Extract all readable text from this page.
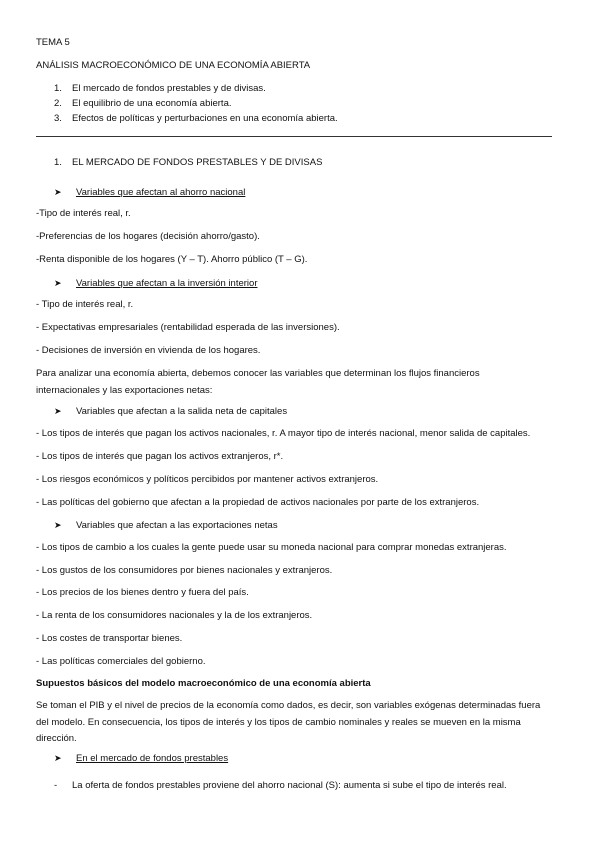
TEMA 5
ANÁLISIS MACROECONÓMICO DE UNA ECONOMÍA ABIERTA
1. El mercado de fondos prestables y de divisas.
2. El equilibrio de una economía abierta.
3. Efectos de políticas y perturbaciones en una economía abierta.
1. EL MERCADO DE FONDOS PRESTABLES Y DE DIVISAS
➤ Variables que afectan al ahorro nacional
-Tipo de interés real, r.
-Preferencias de los hogares (decisión ahorro/gasto).
-Renta disponible de los hogares (Y – T). Ahorro público (T – G).
➤ Variables que afectan a la inversión interior
- Tipo de interés real, r.
- Expectativas empresariales (rentabilidad esperada de las inversiones).
- Decisiones de inversión en vivienda de los hogares.
Para analizar una economía abierta, debemos conocer las variables que determinan los flujos financieros internacionales y las exportaciones netas:
➤ Variables que afectan a la salida neta de capitales
- Los tipos de interés que pagan los activos nacionales, r. A mayor tipo de interés nacional, menor salida de capitales.
- Los tipos de interés que pagan los activos extranjeros, r*.
- Los riesgos económicos y políticos percibidos por mantener activos extranjeros.
- Las políticas del gobierno que afectan a la propiedad de activos nacionales por parte de los extranjeros.
➤ Variables que afectan a las exportaciones netas
- Los tipos de cambio a los cuales la gente puede usar su moneda nacional para comprar monedas extranjeras.
- Los gustos de los consumidores por bienes nacionales y extranjeros.
- Los precios de los bienes dentro y fuera del país.
- La renta de los consumidores nacionales y la de los extranjeros.
- Los costes de transportar bienes.
- Las políticas comerciales del gobierno.
Supuestos básicos del modelo macroeconómico de una economía abierta
Se toman el PIB y el nivel de precios de la economía como dados, es decir, son variables exógenas determinadas fuera del modelo. En consecuencia, los tipos de interés y los tipos de cambio nominales y reales se mueven en la misma dirección.
➤ En el mercado de fondos prestables
- La oferta de fondos prestables proviene del ahorro nacional (S): aumenta si sube el tipo de interés real.
